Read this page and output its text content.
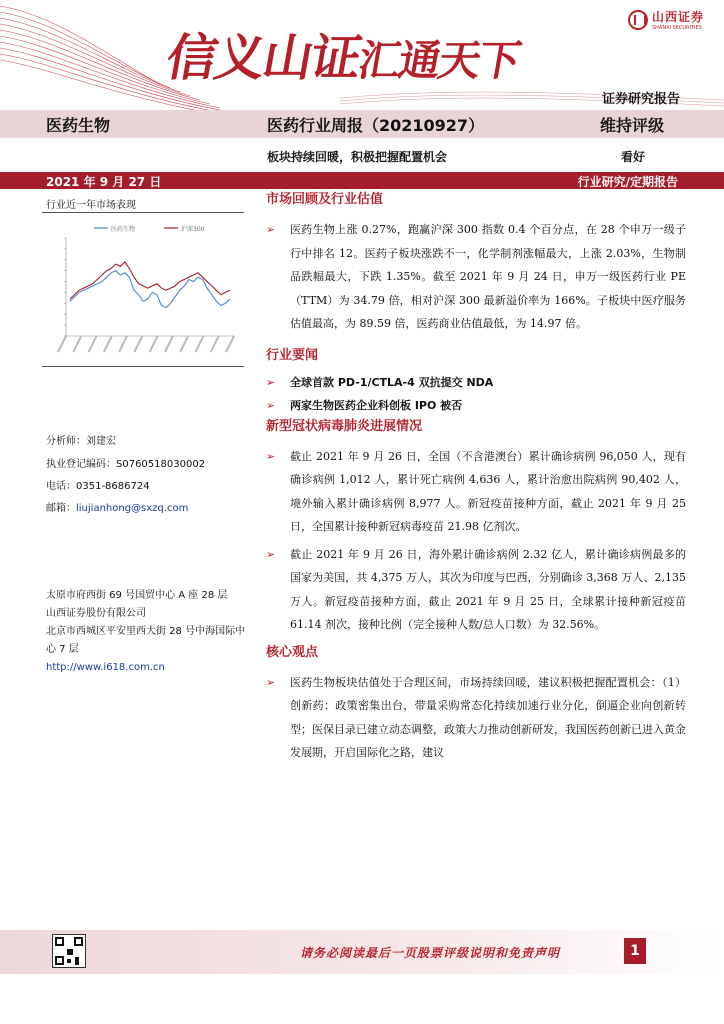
信义山证汇通天下
山西证券
SHANXI SECURITIES
证券研究报告
医药生物	医药行业周报（20210927）	维持评级
板块持续回暖，积极把握配置机会	看好
2021 年 9 月 27 日	行业研究/定期报告
行业近一年市场表现
医药生物	沪深300
分析师：刘建宏
执业登记编码：S0760518030002
电话：0351-8686724
邮箱：liujianhong@sxzq.com
太原市府西街 69 号国贸中心 A 座 28 层
山西证券股份有限公司
北京市西城区平安里西大街 28 号中海国际中心 7 层
http://www.i618.com.cn
市场回顾及行业估值
➢ 医药生物上涨 0.27%，跑赢沪深 300 指数 0.4 个百分点，在 28 个申万一级子行中排名 12。医药子板块涨跌不一，化学制剂涨幅最大，上涨 2.03%，生物制品跌幅最大，下跌 1.35%。截至 2021 年 9 月 24 日，申万一级医药行业 PE（TTM）为 34.79 倍，相对沪深 300 最新溢价率为 166%。子板块中医疗服务估值最高，为 89.59 倍，医药商业估值最低，为 14.97 倍。
行业要闻
➢ 全球首款 PD-1/CTLA-4 双抗提交 NDA
➢ 两家生物医药企业科创板 IPO 被否
新型冠状病毒肺炎进展情况
➢ 截止 2021 年 9 月 26 日，全国（不含港澳台）累计确诊病例 96,050 人，现有确诊病例 1,012 人，累计死亡病例 4,636 人，累计治愈出院病例 90,402 人，境外输入累计确诊病例 8,977 人。新冠疫苗接种方面，截止 2021 年 9 月 25 日，全国累计接种新冠病毒疫苗 21.98 亿剂次。
➢ 截止 2021 年 9 月 26 日，海外累计确诊病例 2.32 亿人，累计确诊病例最多的国家为美国，共 4,375 万人，其次为印度与巴西，分别确诊 3,368 万人、2,135 万人。新冠疫苗接种方面，截止 2021 年 9 月 25 日，全球累计接种新冠疫苗 61.14 剂次，接种比例（完全接种人数/总人口数）为 32.56%。
核心观点
➢ 医药生物板块估值处于合理区间，市场持续回暖，建议积极把握配置机会：（1）创新药：政策密集出台，带量采购常态化持续加速行业分化，倒逼企业向创新转型；医保目录已建立动态调整，政策大力推动创新研发，我国医药创新已进入黄金发展期，开启国际化之路，建议
请务必阅读最后一页股票评级说明和免责声明	1
